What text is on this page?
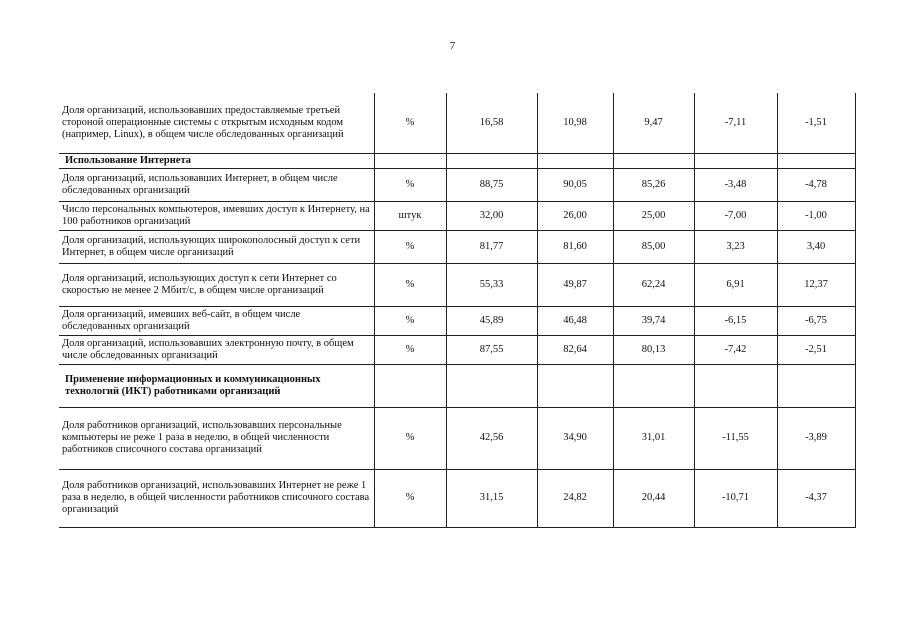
7
Доля организаций, использовавших предоставляемые третьей стороной операционные системы с открытым исходным кодом (например, Linux), в общем числе обследованных организаций	%	16,58	10,98	9,47	-7,11	-1,51
Использование Интернета						
Доля организаций, использовавших Интернет, в общем числе обследованных организаций	%	88,75	90,05	85,26	-3,48	-4,78
Число персональных компьютеров, имевших доступ к Интернету, на 100 работников организаций	штук	32,00	26,00	25,00	-7,00	-1,00
Доля организаций, использующих широкополосный доступ к сети Интернет, в общем числе организаций	%	81,77	81,60	85,00	3,23	3,40
Доля организаций, использующих доступ к сети Интернет со скоростью не менее 2 Мбит/с, в общем числе организаций	%	55,33	49,87	62,24	6,91	12,37
Доля организаций, имевших веб-сайт, в общем числе обследованных организаций	%	45,89	46,48	39,74	-6,15	-6,75
Доля организаций, использовавших электронную почту, в общем числе обследованных организаций	%	87,55	82,64	80,13	-7,42	-2,51
Применение информационных и коммуникационных технологий (ИКТ) работниками организаций						
Доля работников организаций, использовавших персональные компьютеры не реже 1 раза в неделю, в общей численности работников списочного состава организаций	%	42,56	34,90	31,01	-11,55	-3,89
Доля работников организаций, использовавших Интернет не реже 1 раза в неделю, в общей численности работников списочного состава организаций	%	31,15	24,82	20,44	-10,71	-4,37
